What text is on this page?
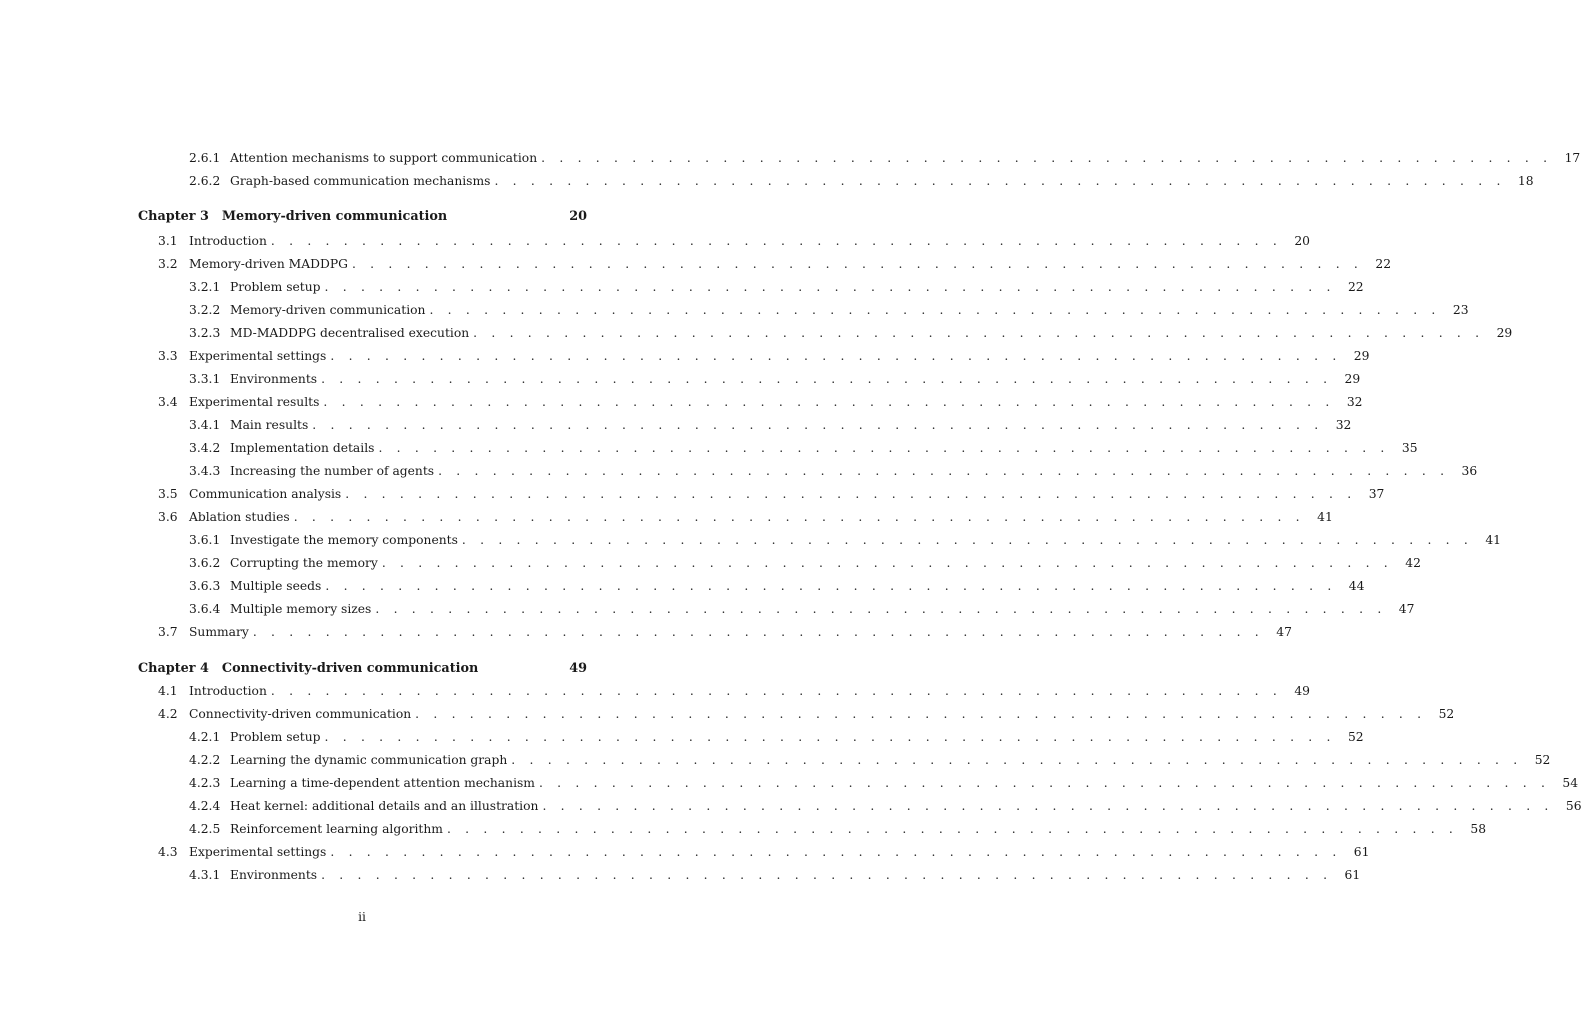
2.6.1 Attention mechanisms to support communication . . . . . . . . . . . . . . . . . . . . . . . . . . . . . . . . . . . . . . . . . . . . . . . . . . . . . . . .	17
2.6.2 Graph-based communication mechanisms . . . . . . . . . . . . . . . . . . . . . . . . . . . . . . . . . . . . . . . . . . . . . . . . . . . . . . . .	18
Chapter 3	Memory-driven communication	20
3.1 Introduction . . . . . . . . . . . . . . . . . . . . . . . . . . . . . . . . . . . . . . . . . . . . . . . . . . . . . . . .	20
3.2 Memory-driven MADDPG . . . . . . . . . . . . . . . . . . . . . . . . . . . . . . . . . . . . . . . . . . . . . . . . . . . . . . . .	22
3.2.1 Problem setup . . . . . . . . . . . . . . . . . . . . . . . . . . . . . . . . . . . . . . . . . . . . . . . . . . . . . . . .	22
3.2.2 Memory-driven communication . . . . . . . . . . . . . . . . . . . . . . . . . . . . . . . . . . . . . . . . . . . . . . . . . . . . . . . .	23
3.2.3 MD-MADDPG decentralised execution . . . . . . . . . . . . . . . . . . . . . . . . . . . . . . . . . . . . . . . . . . . . . . . . . . . . . . . .	29
3.3 Experimental settings . . . . . . . . . . . . . . . . . . . . . . . . . . . . . . . . . . . . . . . . . . . . . . . . . . . . . . . .	29
3.3.1 Environments . . . . . . . . . . . . . . . . . . . . . . . . . . . . . . . . . . . . . . . . . . . . . . . . . . . . . . . .	29
3.4 Experimental results . . . . . . . . . . . . . . . . . . . . . . . . . . . . . . . . . . . . . . . . . . . . . . . . . . . . . . . .	32
3.4.1 Main results . . . . . . . . . . . . . . . . . . . . . . . . . . . . . . . . . . . . . . . . . . . . . . . . . . . . . . . .	32
3.4.2 Implementation details . . . . . . . . . . . . . . . . . . . . . . . . . . . . . . . . . . . . . . . . . . . . . . . . . . . . . . . .	35
3.4.3 Increasing the number of agents . . . . . . . . . . . . . . . . . . . . . . . . . . . . . . . . . . . . . . . . . . . . . . . . . . . . . . . .	36
3.5 Communication analysis . . . . . . . . . . . . . . . . . . . . . . . . . . . . . . . . . . . . . . . . . . . . . . . . . . . . . . . .	37
3.6 Ablation studies . . . . . . . . . . . . . . . . . . . . . . . . . . . . . . . . . . . . . . . . . . . . . . . . . . . . . . . .	41
3.6.1 Investigate the memory components . . . . . . . . . . . . . . . . . . . . . . . . . . . . . . . . . . . . . . . . . . . . . . . . . . . . . . . .	41
3.6.2 Corrupting the memory . . . . . . . . . . . . . . . . . . . . . . . . . . . . . . . . . . . . . . . . . . . . . . . . . . . . . . . .	42
3.6.3 Multiple seeds . . . . . . . . . . . . . . . . . . . . . . . . . . . . . . . . . . . . . . . . . . . . . . . . . . . . . . . .	44
3.6.4 Multiple memory sizes . . . . . . . . . . . . . . . . . . . . . . . . . . . . . . . . . . . . . . . . . . . . . . . . . . . . . . . .	47
3.7 Summary . . . . . . . . . . . . . . . . . . . . . . . . . . . . . . . . . . . . . . . . . . . . . . . . . . . . . . . .	47
Chapter 4	Connectivity-driven communication	49
4.1 Introduction . . . . . . . . . . . . . . . . . . . . . . . . . . . . . . . . . . . . . . . . . . . . . . . . . . . . . . . .	49
4.2 Connectivity-driven communication . . . . . . . . . . . . . . . . . . . . . . . . . . . . . . . . . . . . . . . . . . . . . . . . . . . . . . . .	52
4.2.1 Problem setup . . . . . . . . . . . . . . . . . . . . . . . . . . . . . . . . . . . . . . . . . . . . . . . . . . . . . . . .	52
4.2.2 Learning the dynamic communication graph . . . . . . . . . . . . . . . . . . . . . . . . . . . . . . . . . . . . . . . . . . . . . . . . . . . . . . . .	52
4.2.3 Learning a time-dependent attention mechanism . . . . . . . . . . . . . . . . . . . . . . . . . . . . . . . . . . . . . . . . . . . . . . . . . . . . . . . .	54
4.2.4 Heat kernel: additional details and an illustration . . . . . . . . . . . . . . . . . . . . . . . . . . . . . . . . . . . . . . . . . . . . . . . . . . . . . . . .	56
4.2.5 Reinforcement learning algorithm . . . . . . . . . . . . . . . . . . . . . . . . . . . . . . . . . . . . . . . . . . . . . . . . . . . . . . . .	58
4.3 Experimental settings . . . . . . . . . . . . . . . . . . . . . . . . . . . . . . . . . . . . . . . . . . . . . . . . . . . . . . . .	61
4.3.1 Environments . . . . . . . . . . . . . . . . . . . . . . . . . . . . . . . . . . . . . . . . . . . . . . . . . . . . . . . .	61
ii
